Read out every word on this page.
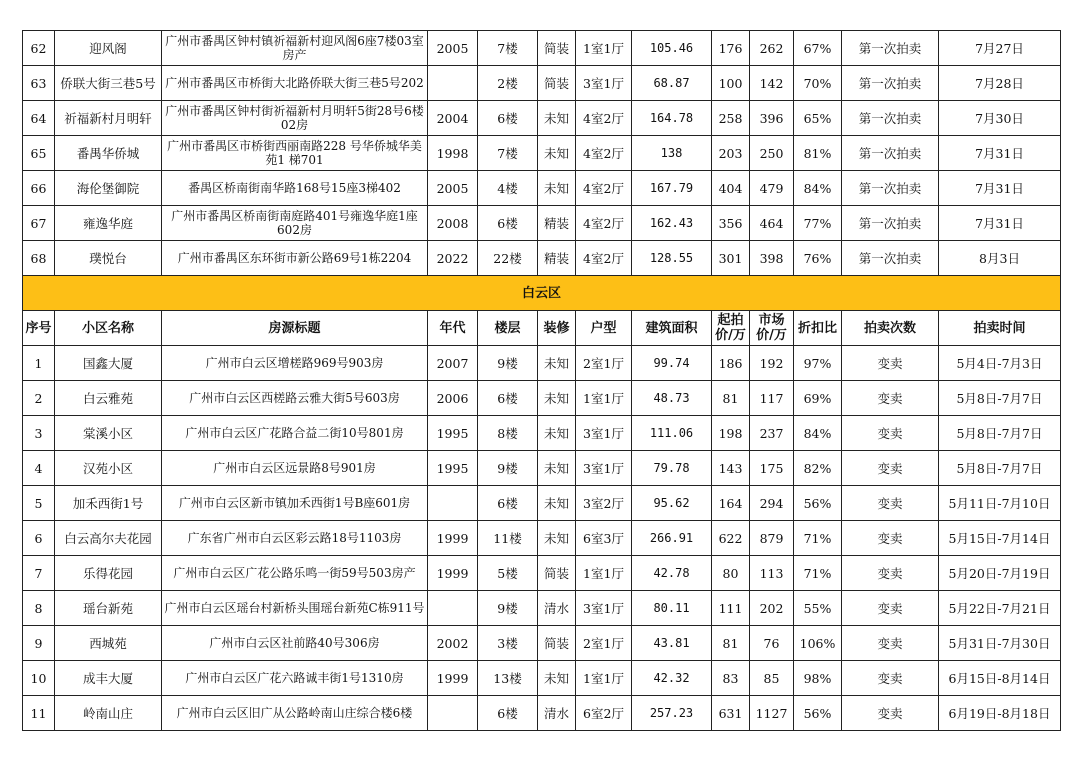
62	迎风阁	广州市番禺区钟村镇祈福新村迎风阁6座7楼03室房产	2005	7楼	简装	1室1厅	105.46	176	262	67%	第一次拍卖	7月27日
63	侨联大街三巷5号	广州市番禺区市桥街大北路侨联大街三巷5号202		2楼	简装	3室1厅	68.87	100	142	70%	第一次拍卖	7月28日
64	祈福新村月明轩	广州市番禺区钟村街祈福新村月明轩5街28号6楼02房	2004	6楼	未知	4室2厅	164.78	258	396	65%	第一次拍卖	7月30日
65	番禺华侨城	广州市番禺区市桥街西丽南路228 号华侨城华美苑1 梯701	1998	7楼	未知	4室2厅	138	203	250	81%	第一次拍卖	7月31日
66	海伦堡御院	番禺区桥南街南华路168号15座3梯402	2005	4楼	未知	4室2厅	167.79	404	479	84%	第一次拍卖	7月31日
67	雍逸华庭	广州市番禺区桥南街南庭路401号雍逸华庭1座602房	2008	6楼	精装	4室2厅	162.43	356	464	77%	第一次拍卖	7月31日
68	璞悦台	广州市番禺区东环街市新公路69号1栋2204	2022	22楼	精装	4室2厅	128.55	301	398	76%	第一次拍卖	8月3日
白云区												
序号	小区名称	房源标题	年代	楼层	装修	户型	建筑面积	起拍价/万	市场价/万	折扣比	拍卖次数	拍卖时间
1	国鑫大厦	广州市白云区增槎路969号903房	2007	9楼	未知	2室1厅	99.74	186	192	97%	变卖	5月4日-7月3日
2	白云雅苑	广州市白云区西槎路云雅大街5号603房	2006	6楼	未知	1室1厅	48.73	81	117	69%	变卖	5月8日-7月7日
3	棠溪小区	广州市白云区广花路合益二街10号801房	1995	8楼	未知	3室1厅	111.06	198	237	84%	变卖	5月8日-7月7日
4	汉苑小区	广州市白云区远景路8号901房	1995	9楼	未知	3室1厅	79.78	143	175	82%	变卖	5月8日-7月7日
5	加禾西街1号	广州市白云区新市镇加禾西街1号B座601房		6楼	未知	3室2厅	95.62	164	294	56%	变卖	5月11日-7月10日
6	白云高尔夫花园	广东省广州市白云区彩云路18号1103房	1999	11楼	未知	6室3厅	266.91	622	879	71%	变卖	5月15日-7月14日
7	乐得花园	广州市白云区广花公路乐鸣一街59号503房产	1999	5楼	简装	1室1厅	42.78	80	113	71%	变卖	5月20日-7月19日
8	瑶台新苑	广州市白云区瑶台村新桥头围瑶台新苑C栋911号		9楼	清水	3室1厅	80.11	111	202	55%	变卖	5月22日-7月21日
9	西城苑	广州市白云区社前路40号306房	2002	3楼	简装	2室1厅	43.81	81	76	106%	变卖	5月31日-7月30日
10	成丰大厦	广州市白云区广花六路诚丰街1号1310房	1999	13楼	未知	1室1厅	42.32	83	85	98%	变卖	6月15日-8月14日
11	岭南山庄	广州市白云区旧广从公路岭南山庄综合楼6楼		6楼	清水	6室2厅	257.23	631	1127	56%	变卖	6月19日-8月18日
